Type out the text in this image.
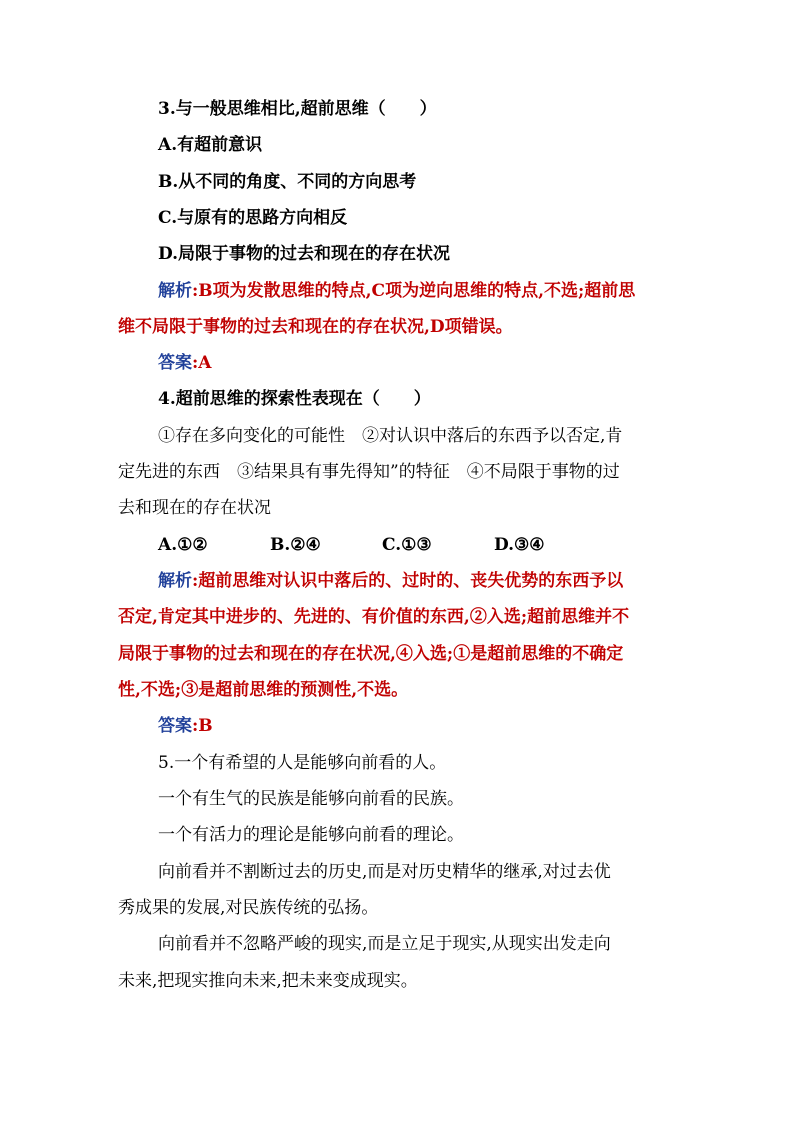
3.与一般思维相比,超前思维（　　）
A.有超前意识
B.从不同的角度、不同的方向思考
C.与原有的思路方向相反
D.局限于事物的过去和现在的存在状况
解析:B项为发散思维的特点,C项为逆向思维的特点,不选;超前思
维不局限于事物的过去和现在的存在状况,D项错误。
答案:A
4.超前思维的探索性表现在（　　）
①存在多向变化的可能性　②对认识中落后的东西予以否定,肯
定先进的东西　③结果具有事先得知”的特征　④不局限于事物的过
去和现在的存在状况
A.①②	B.②④	C.①③	D.③④
解析:超前思维对认识中落后的、过时的、丧失优势的东西予以
否定,肯定其中进步的、先进的、有价值的东西,②入选;超前思维并不
局限于事物的过去和现在的存在状况,④入选;①是超前思维的不确定
性,不选;③是超前思维的预测性,不选。
答案:B
5.一个有希望的人是能够向前看的人。
一个有生气的民族是能够向前看的民族。
一个有活力的理论是能够向前看的理论。
向前看并不割断过去的历史,而是对历史精华的继承,对过去优
秀成果的发展,对民族传统的弘扬。
向前看并不忽略严峻的现实,而是立足于现实,从现实出发走向
未来,把现实推向未来,把未来变成现实。
